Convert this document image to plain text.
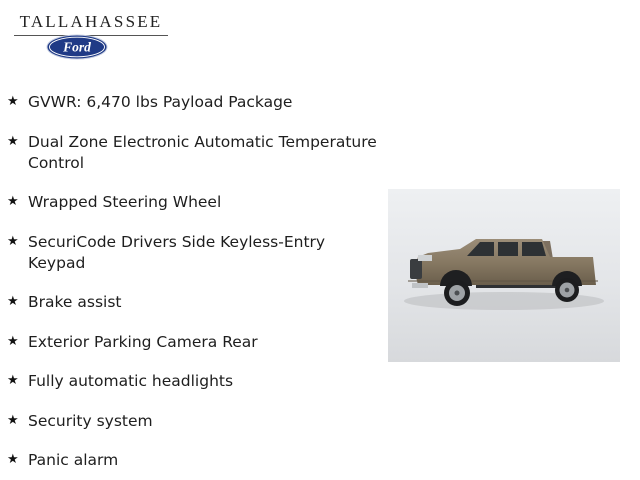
TALLAHASSEE
Ford
★ GVWR: 6,470 lbs Payload Package
★ Dual Zone Electronic Automatic Temperature Control
★ Wrapped Steering Wheel
★ SecuriCode Drivers Side Keyless-Entry Keypad
★ Brake assist
★ Exterior Parking Camera Rear
★ Fully automatic headlights
★ Security system
★ Panic alarm
